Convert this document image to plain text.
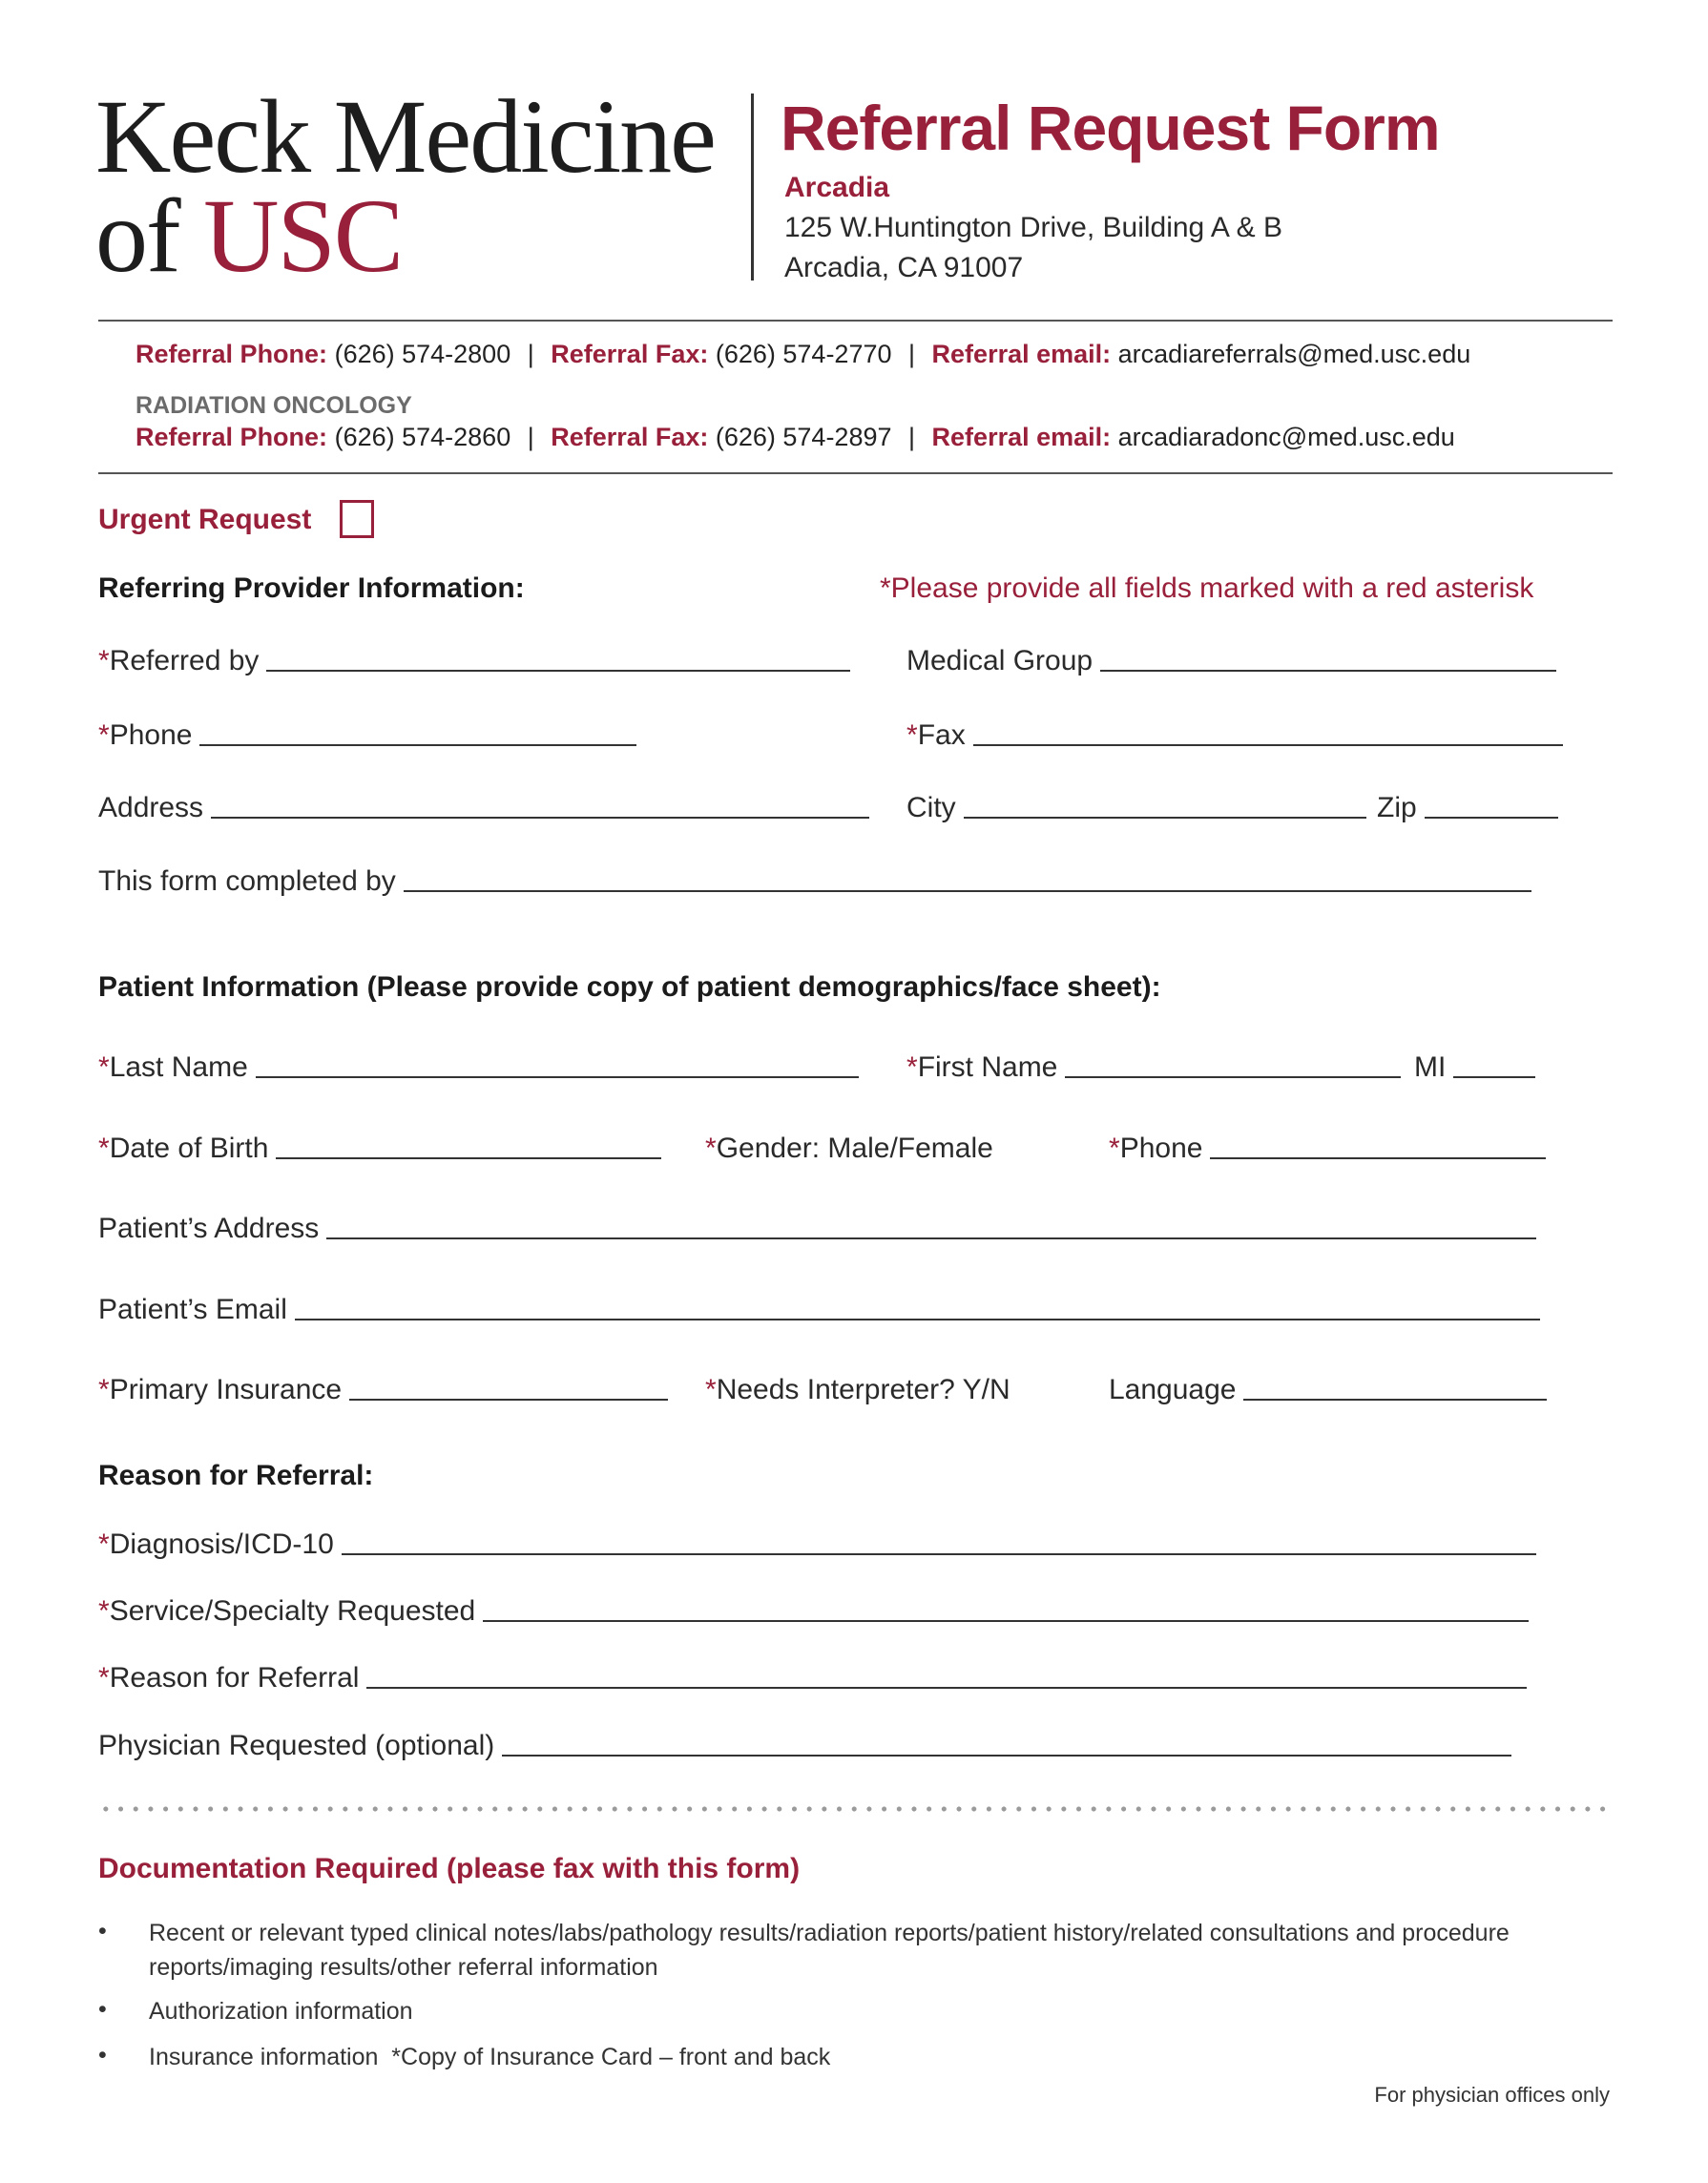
Keck Medicine
of USC
Referral Request Form
Arcadia
125 W.Huntington Drive, Building A & B
Arcadia, CA 91007
Referral Phone: (626) 574-2800 | Referral Fax: (626) 574-2770 | Referral email: arcadiareferrals@med.usc.edu
RADIATION ONCOLOGY
Referral Phone: (626) 574-2860 | Referral Fax: (626) 574-2897 | Referral email: arcadiaradonc@med.usc.edu
Urgent Request
Referring Provider Information:	*Please provide all fields marked with a red asterisk
* Referred by	Medical Group
* Phone	* Fax
Address	City	Zip
This form completed by
Patient Information (Please provide copy of patient demographics/face sheet):
* Last Name	* First Name	MI
* Date of Birth	* Gender: Male/Female	* Phone
Patient’s Address
Patient’s Email
* Primary Insurance	* Needs Interpreter? Y/N	Language
Reason for Referral:
* Diagnosis/ICD-10
* Service/Specialty Requested
* Reason for Referral
Physician Requested (optional)
Documentation Required (please fax with this form)
• Recent or relevant typed clinical notes/labs/pathology results/radiation reports/patient history/related consultations and procedure reports/imaging results/other referral information
• Authorization information
• Insurance information  *Copy of Insurance Card – front and back
For physician offices only
